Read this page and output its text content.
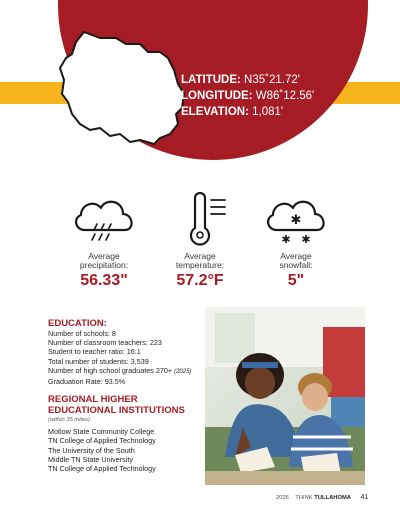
LATITUDE: N35˚21.72'
LONGITUDE: W86˚12.56'
ELEVATION: 1,081'
Average
precipitation:
56.33"
Average
temperature:
57.2°F
✱
✱ ✱
Average
snowfall:
5"
EDUCATION:
Number of schools: 8
Number of classroom teachers: 223
Student to teacher ratio: 16:1
Total number of students: 3,539
Number of high school graduates 270+ (2025)
Graduation Rate: 93.5%
REGIONAL HIGHER
EDUCATIONAL INSTITUTIONS
(within 35 miles)
Motlow State Community College
TN College of Applied Technology
The University of the South
Middle TN State University
TN College of Applied Technology
2026 THINK TULLAHOMA 41
